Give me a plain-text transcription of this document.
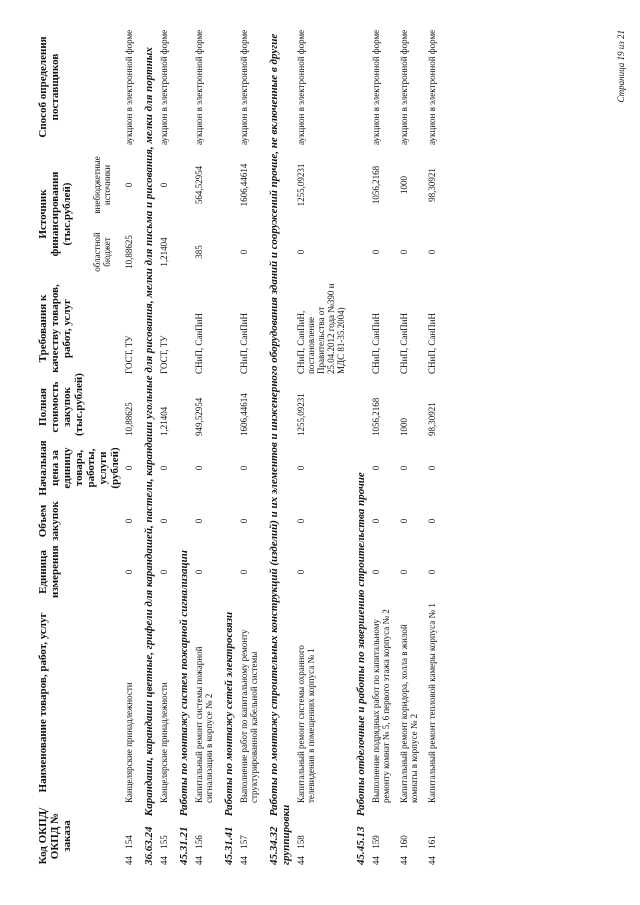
Код ОКПД/ ОКПД № заказа	Наименование товаров, работ, услуг	Единица измерения	Объем закупок	Начальная цена за единицу товара, работы, услуги (рублей)	Полная стоимость закупок (тыс.рублей)	Требования к качеству товаров, работ, услуг	Источник финансирования (тыс.рублей)		Способ определения поставщиков
							областной бюджет	внебюджетные источники	
44 154	Канцелярские принадлежности	0	0	0	10,88625	ГОСТ, ТУ	10,88625	0	аукцион в электронной форме
36.63.24 Карандаши, карандаши цветные, грифели для карандашей, пастели, карандаши угольные для рисования, мелки для письма и рисования, мелки для портных									
44 155	Канцелярские принадлежности	0	0	0	1,21404	ГОСТ, ТУ	1,21404	0	аукцион в электронной форме
45.31.21 Работы по монтажу систем пожарной сигнализации									
44 156	Капитальный ремонт системы пожарной сигнализации в корпусе № 2	0	0	0	949,52954	СНиП, СанПиН	385	564,52954	аукцион в электронной форме
45.31.41 Работы по монтажу сетей электросвязи									
44 157	Выполнение работ по капитальному ремонту структурированной кабельной системы	0	0	0	1606,44614	СНиП, СанПиН	0	1606,44614	аукцион в электронной форме
45.34.32 Работы по монтажу строительных конструкций (изделий) и их элементов и инженерного оборудования зданий и сооружений прочие, не включенные в другие группировки									
44 158	Капитальный ремонт системы охранного телевидения в помещениях корпуса № 1	0	0	0	1255,09231	СНиП, СанПиН, постановление Правительства от 25.04.2012 года №390 и МДС 81-35.2004)	0	1255,09231	аукцион в электронной форме
45.45.13 Работы отделочные и работы по завершению строительства прочие									
44 159	Выполнение подрядных работ по капитальному ремонту комнат № 5, 6 первого этажа корпуса № 2	0	0	0	1056,2168	СНиП, СанПиН	0	1056,2168	аукцион в электронной форме
44 160	Капитальный ремонт коридора, холла в жилой комнаты в корпусе № 2	0	0	0	1000	СНиП, СанПиН	0	1000	аукцион в электронной форме
44 161	Капитальный ремонт тепловой камеры корпуса № 1	0	0	0	98,30921	СНиП, СанПиН	0	98,30921	аукцион в электронной форме	Страница 19 из 21
